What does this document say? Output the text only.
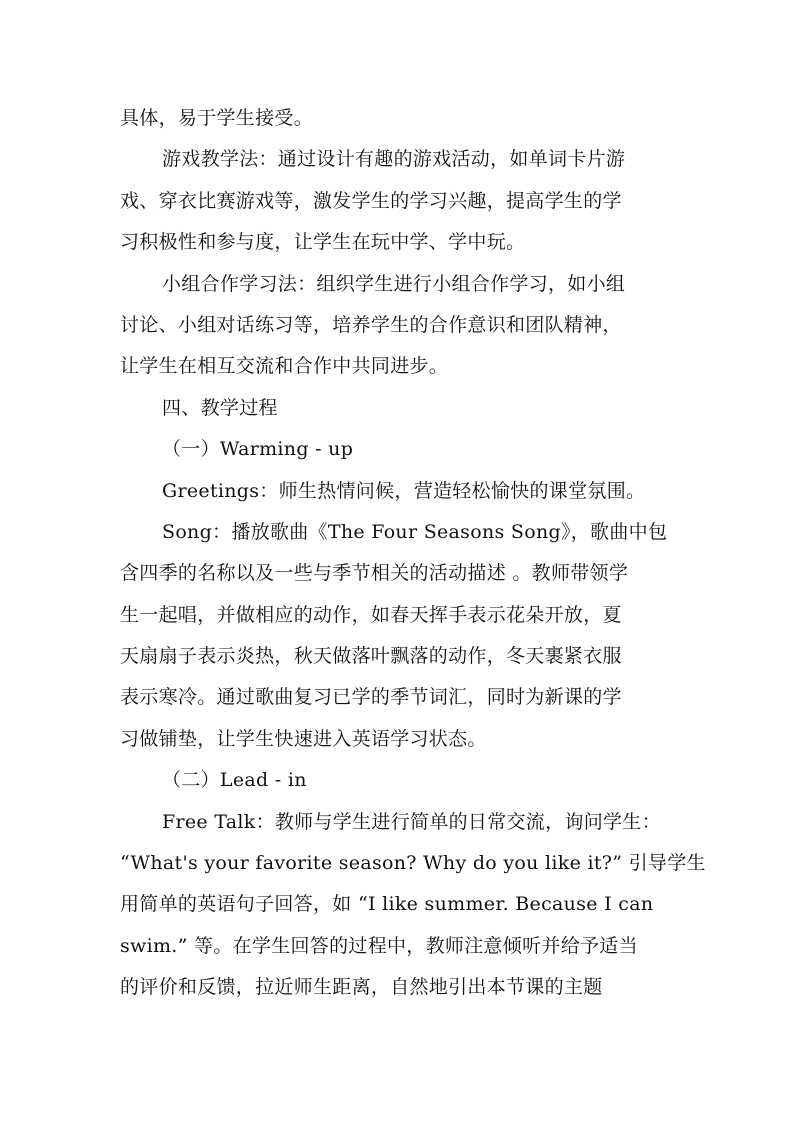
具体，易于学生接受。
游戏教学法：通过设计有趣的游戏活动，如单词卡片游
戏、穿衣比赛游戏等，激发学生的学习兴趣，提高学生的学
习积极性和参与度，让学生在玩中学、学中玩。
小组合作学习法：组织学生进行小组合作学习，如小组
讨论、小组对话练习等，培养学生的合作意识和团队精神，
让学生在相互交流和合作中共同进步。
四、教学过程
（一）Warming - up
Greetings：师生热情问候，营造轻松愉快的课堂氛围。
Song：播放歌曲《The Four Seasons Song》，歌曲中包
含四季的名称以及一些与季节相关的活动描述 。教师带领学
生一起唱，并做相应的动作，如春天挥手表示花朵开放，夏
天扇扇子表示炎热，秋天做落叶飘落的动作，冬天裹紧衣服
表示寒冷。通过歌曲复习已学的季节词汇，同时为新课的学
习做铺垫，让学生快速进入英语学习状态。
（二）Lead - in
Free Talk：教师与学生进行简单的日常交流，询问学生：
“What's your favorite season? Why do you like it?” 引导学生
用简单的英语句子回答，如 “I like summer. Because I can
swim.” 等。在学生回答的过程中，教师注意倾听并给予适当
的评价和反馈，拉近师生距离，自然地引出本节课的主题
